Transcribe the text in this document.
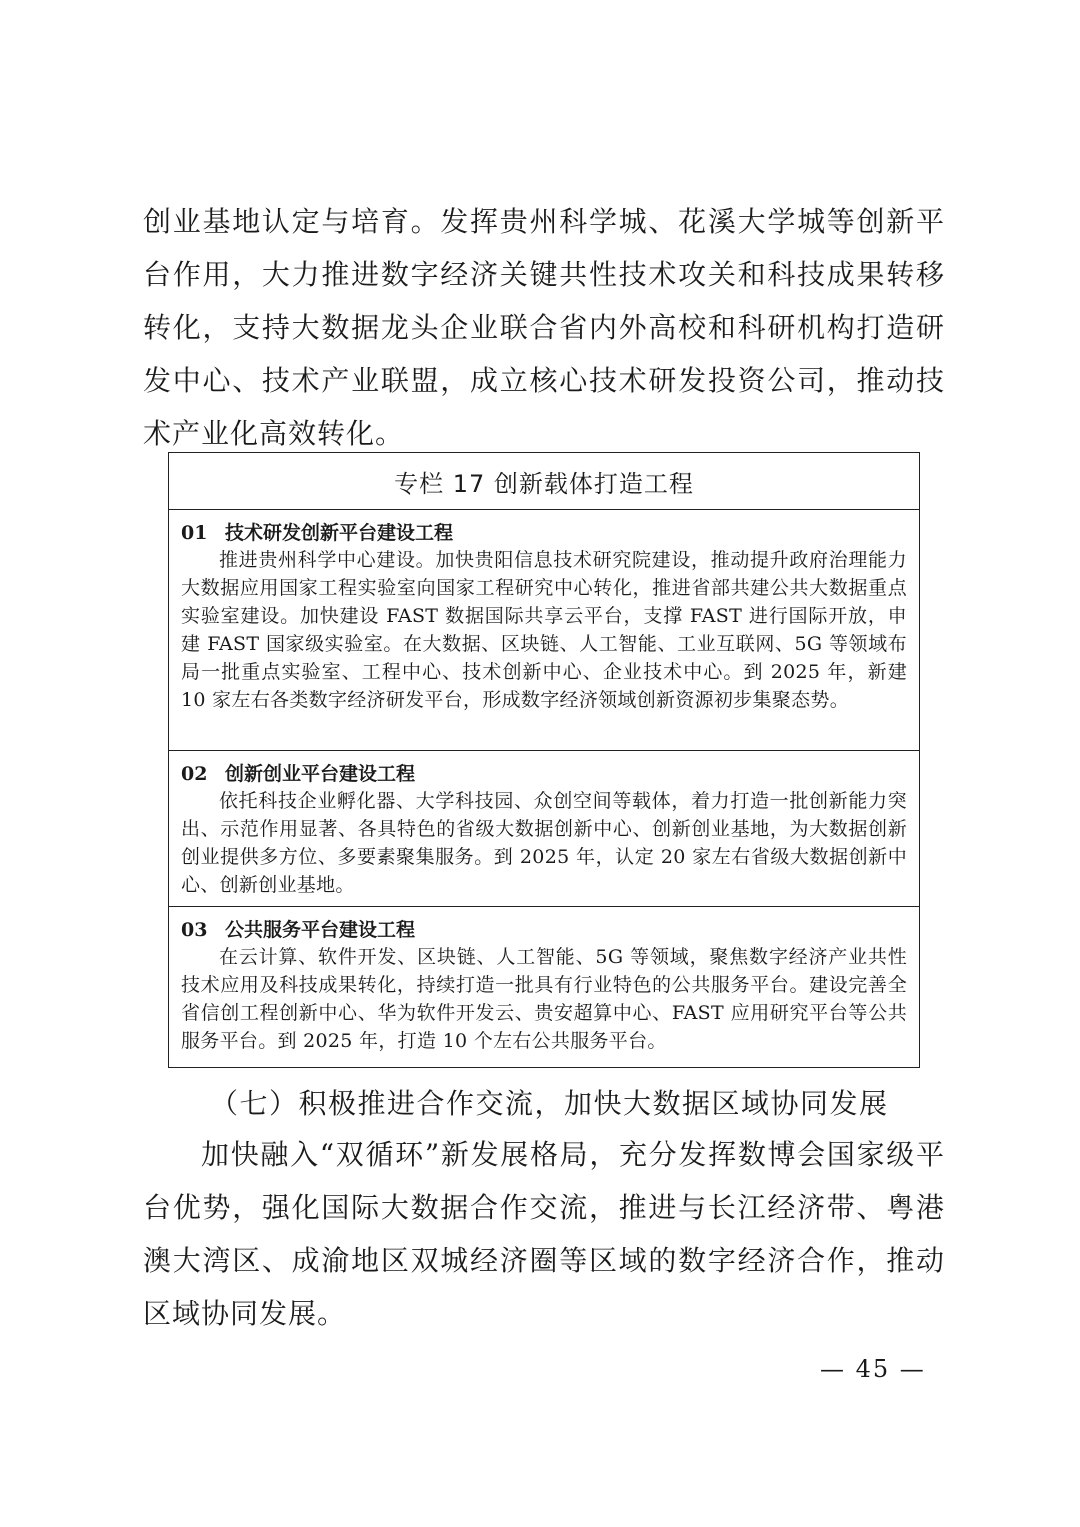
创业基地认定与培育。发挥贵州科学城、花溪大学城等创新平台作用，大力推进数字经济关键共性技术攻关和科技成果转移转化，支持大数据龙头企业联合省内外高校和科研机构打造研发中心、技术产业联盟，成立核心技术研发投资公司，推动技术产业化高效转化。

专栏 17 创新载体打造工程
01 技术研发创新平台建设工程

推进贵州科学中心建设。加快贵阳信息技术研究院建设，推动提升政府治理能力大数据应用国家工程实验室向国家工程研究中心转化，推进省部共建公共大数据重点实验室建设。加快建设 FAST 数据国际共享云平台，支撑 FAST 进行国际开放，申建 FAST 国家级实验室。在大数据、区块链、人工智能、工业互联网、5G 等领域布局一批重点实验室、工程中心、技术创新中心、企业技术中心。到 2025 年，新建 10 家左右各类数字经济研发平台，形成数字经济领域创新资源初步集聚态势。

02 创新创业平台建设工程

依托科技企业孵化器、大学科技园、众创空间等载体，着力打造一批创新能力突出、示范作用显著、各具特色的省级大数据创新中心、创新创业基地，为大数据创新创业提供多方位、多要素聚集服务。到 2025 年，认定 20 家左右省级大数据创新中心、创新创业基地。

03 公共服务平台建设工程

在云计算、软件开发、区块链、人工智能、5G 等领域，聚焦数字经济产业共性技术应用及科技成果转化，持续打造一批具有行业特色的公共服务平台。建设完善全省信创工程创新中心、华为软件开发云、贵安超算中心、FAST 应用研究平台等公共服务平台。到 2025 年，打造 10 个左右公共服务平台。

（七）积极推进合作交流，加快大数据区域协同发展

加快融入“双循环”新发展格局，充分发挥数博会国家级平台优势，强化国际大数据合作交流，推进与长江经济带、粤港澳大湾区、成渝地区双城经济圈等区域的数字经济合作，推动区域协同发展。

— 45 —
